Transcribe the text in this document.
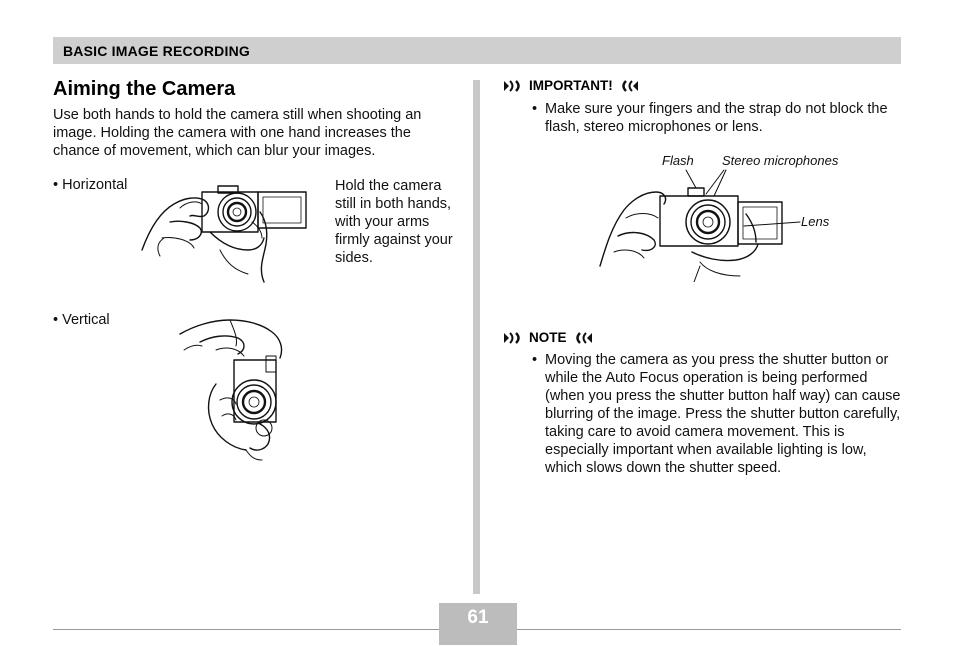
BASIC IMAGE RECORDING
Aiming the Camera
Use both hands to hold the camera still when shooting an image. Holding the camera with one hand increases the chance of movement, which can blur your images.
• Horizontal	Hold the camera still in both hands, with your arms firmly against your sides.
• Vertical
IMPORTANT!
• Make sure your fingers and the strap do not block the flash, stereo microphones or lens.
Flash Stereo microphones
Lens
NOTE
• Moving the camera as you press the shutter button or while the Auto Focus operation is being performed (when you press the shutter button half way) can cause blurring of the image. Press the shutter button carefully, taking care to avoid camera movement. This is especially important when available lighting is low, which slows down the shutter speed.
61
